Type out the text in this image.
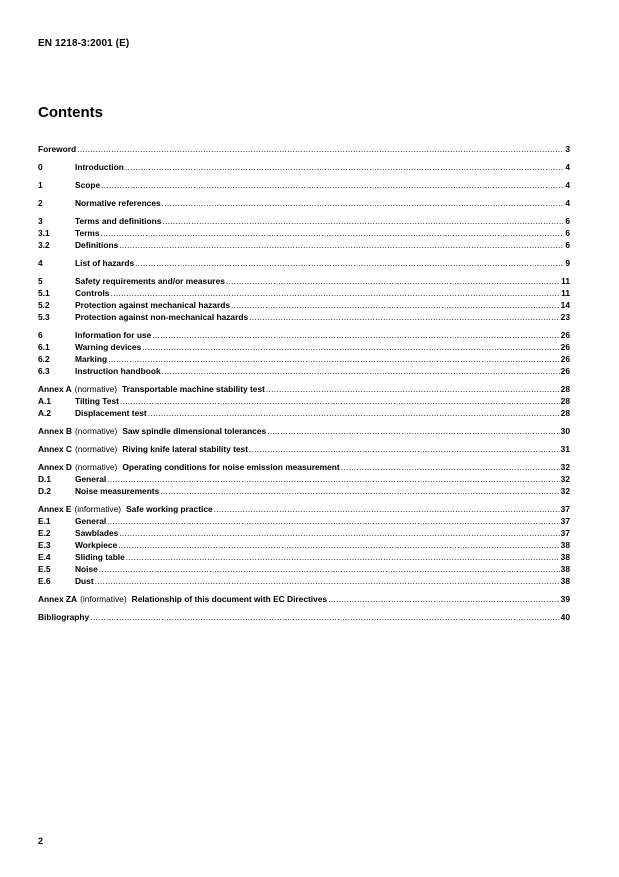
EN 1218-3:2001 (E)
Contents
Foreword .....	3
0	Introduction .....	4
1	Scope .....	4
2	Normative references .....	4
3	Terms and definitions .....	6
3.1	Terms .....	6
3.2	Definitions .....	6
4	List of hazards .....	9
5	Safety requirements and/or measures .....	11
5.1	Controls .....	11
5.2	Protection against mechanical hazards .....	14
5.3	Protection against non-mechanical hazards .....	23
6	Information for use .....	26
6.1	Warning devices .....	26
6.2	Marking .....	26
6.3	Instruction handbook .....	26
Annex A (normative) Transportable machine stability test .....	28
A.1	Tilting Test .....	28
A.2	Displacement test .....	28
Annex B (normative) Saw spindle dimensional tolerances .....	30
Annex C (normative) Riving knife lateral stability test .....	31
Annex D (normative) Operating conditions for noise emission measurement .....	32
D.1	General .....	32
D.2	Noise measurements .....	32
Annex E (informative) Safe working practice .....	37
E.1	General .....	37
E.2	Sawblades .....	37
E.3	Workpiece .....	38
E.4	Sliding table .....	38
E.5	Noise .....	38
E.6	Dust .....	38
Annex ZA (informative) Relationship of this document with EC Directives .....	39
Bibliography .....	40
2
